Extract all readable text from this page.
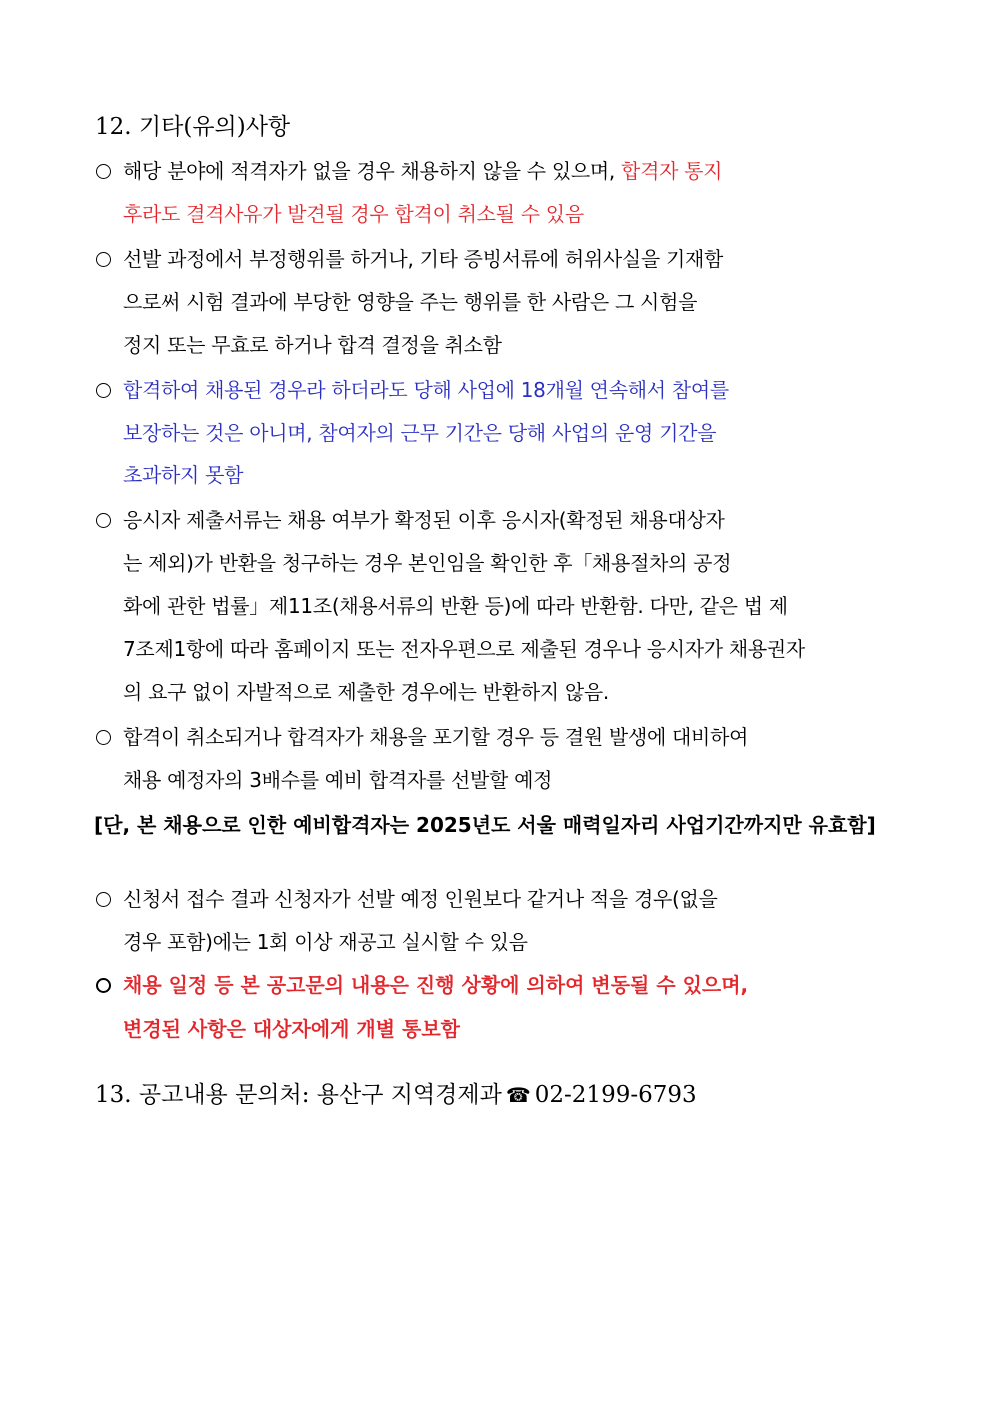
12. 기타(유의)사항
해당 분야에 적격자가 없을 경우 채용하지 않을 수 있으며, 합격자 통지
후라도 결격사유가 발견될 경우 합격이 취소될 수 있음
선발 과정에서 부정행위를 하거나, 기타 증빙서류에 허위사실을 기재함
으로써 시험 결과에 부당한 영향을 주는 행위를 한 사람은 그 시험을
정지 또는 무효로 하거나 합격 결정을 취소함
합격하여 채용된 경우라 하더라도 당해 사업에 18개월 연속해서 참여를
보장하는 것은 아니며, 참여자의 근무 기간은 당해 사업의 운영 기간을
초과하지 못함
응시자 제출서류는 채용 여부가 확정된 이후 응시자(확정된 채용대상자
는 제외)가 반환을 청구하는 경우 본인임을 확인한 후「채용절차의 공정
화에 관한 법률」제11조(채용서류의 반환 등)에 따라 반환함. 다만, 같은 법 제
7조제1항에 따라 홈페이지 또는 전자우편으로 제출된 경우나 응시자가 채용권자
의 요구 없이 자발적으로 제출한 경우에는 반환하지 않음.
합격이 취소되거나 합격자가 채용을 포기할 경우 등 결원 발생에 대비하여
채용 예정자의 3배수를 예비 합격자를 선발할 예정
[단, 본 채용으로 인한 예비합격자는 2025년도 서울 매력일자리 사업기간까지만 유효함]
신청서 접수 결과 신청자가 선발 예정 인원보다 같거나 적을 경우(없을
경우 포함)에는 1회 이상 재공고 실시할 수 있음
채용 일정 등 본 공고문의 내용은 진행 상황에 의하여 변동될 수 있으며,
변경된 사항은 대상자에게 개별 통보함
13. 공고내용 문의처: 용산구 지역경제과 ☎ 02-2199-6793
